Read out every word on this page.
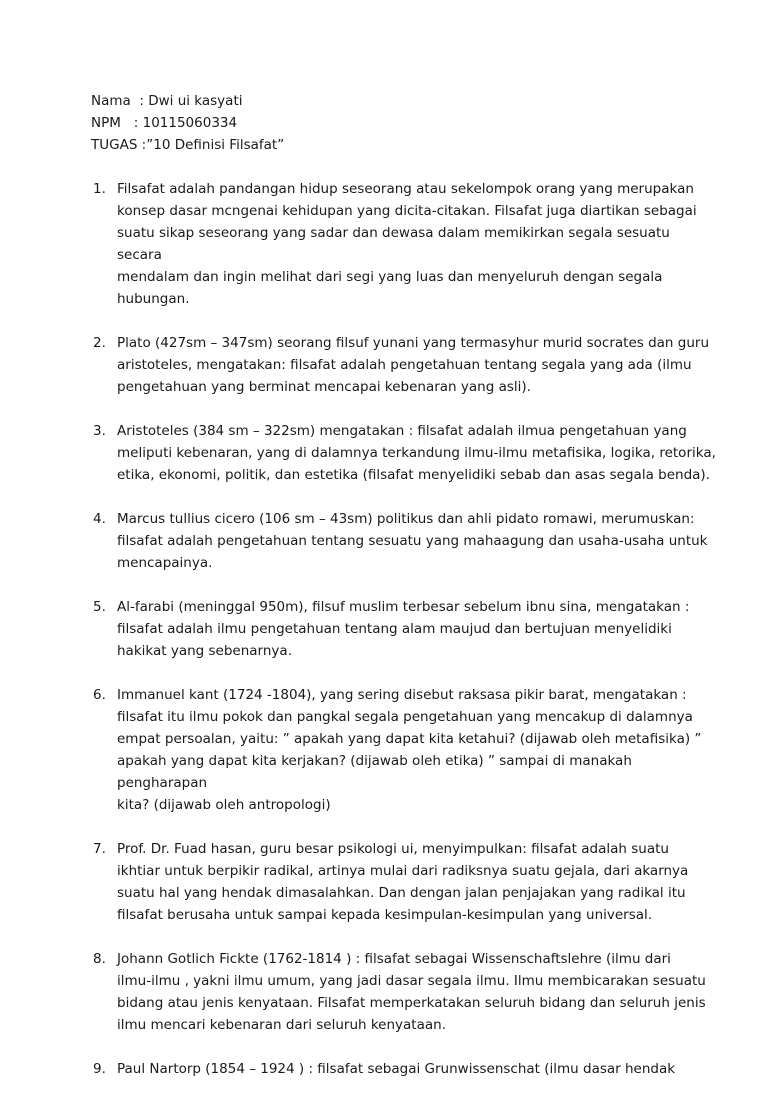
Nama  : Dwi ui kasyati
NPM   : 10115060334
TUGAS :”10 Definisi Filsafat”
1. Filsafat adalah pandangan hidup seseorang atau sekelompok orang yang merupakan
konsep dasar mcngenai kehidupan yang dicita-citakan. Filsafat juga diartikan sebagai
suatu sikap seseorang yang sadar dan dewasa dalam memikirkan segala sesuatu secara
mendalam dan ingin melihat dari segi yang luas dan menyeluruh dengan segala hubungan.
2. Plato (427sm – 347sm) seorang filsuf yunani yang termasyhur murid socrates dan guru
aristoteles, mengatakan: filsafat adalah pengetahuan tentang segala yang ada (ilmu
pengetahuan yang berminat mencapai kebenaran yang asli).
3. Aristoteles (384 sm – 322sm) mengatakan : filsafat adalah ilmua pengetahuan yang
meliputi kebenaran, yang di dalamnya terkandung ilmu-ilmu metafisika, logika, retorika,
etika, ekonomi, politik, dan estetika (filsafat menyelidiki sebab dan asas segala benda).
4. Marcus tullius cicero (106 sm – 43sm) politikus dan ahli pidato romawi, merumuskan:
filsafat adalah pengetahuan tentang sesuatu yang mahaagung dan usaha-usaha untuk
mencapainya.
5. Al-farabi (meninggal 950m), filsuf muslim terbesar sebelum ibnu sina, mengatakan :
filsafat adalah ilmu pengetahuan tentang alam maujud dan bertujuan menyelidiki
hakikat yang sebenarnya.
6. Immanuel kant (1724 -1804), yang sering disebut raksasa pikir barat, mengatakan :
filsafat itu ilmu pokok dan pangkal segala pengetahuan yang mencakup di dalamnya
empat persoalan, yaitu: ” apakah yang dapat kita ketahui? (dijawab oleh metafisika) ”
apakah yang dapat kita kerjakan? (dijawab oleh etika) ” sampai di manakah pengharapan
kita? (dijawab oleh antropologi)
7. Prof. Dr. Fuad hasan, guru besar psikologi ui, menyimpulkan: filsafat adalah suatu
ikhtiar untuk berpikir radikal, artinya mulai dari radiksnya suatu gejala, dari akarnya
suatu hal yang hendak dimasalahkan. Dan dengan jalan penjajakan yang radikal itu
filsafat berusaha untuk sampai kepada kesimpulan-kesimpulan yang universal.
8. Johann Gotlich Fickte (1762-1814 ) : filsafat sebagai Wissenschaftslehre (ilmu dari
ilmu-ilmu , yakni ilmu umum, yang jadi dasar segala ilmu. Ilmu membicarakan sesuatu
bidang atau jenis kenyataan. Filsafat memperkatakan seluruh bidang dan seluruh jenis
ilmu mencari kebenaran dari seluruh kenyataan.
9. Paul Nartorp (1854 – 1924 ) : filsafat sebagai Grunwissenschat (ilmu dasar hendak
